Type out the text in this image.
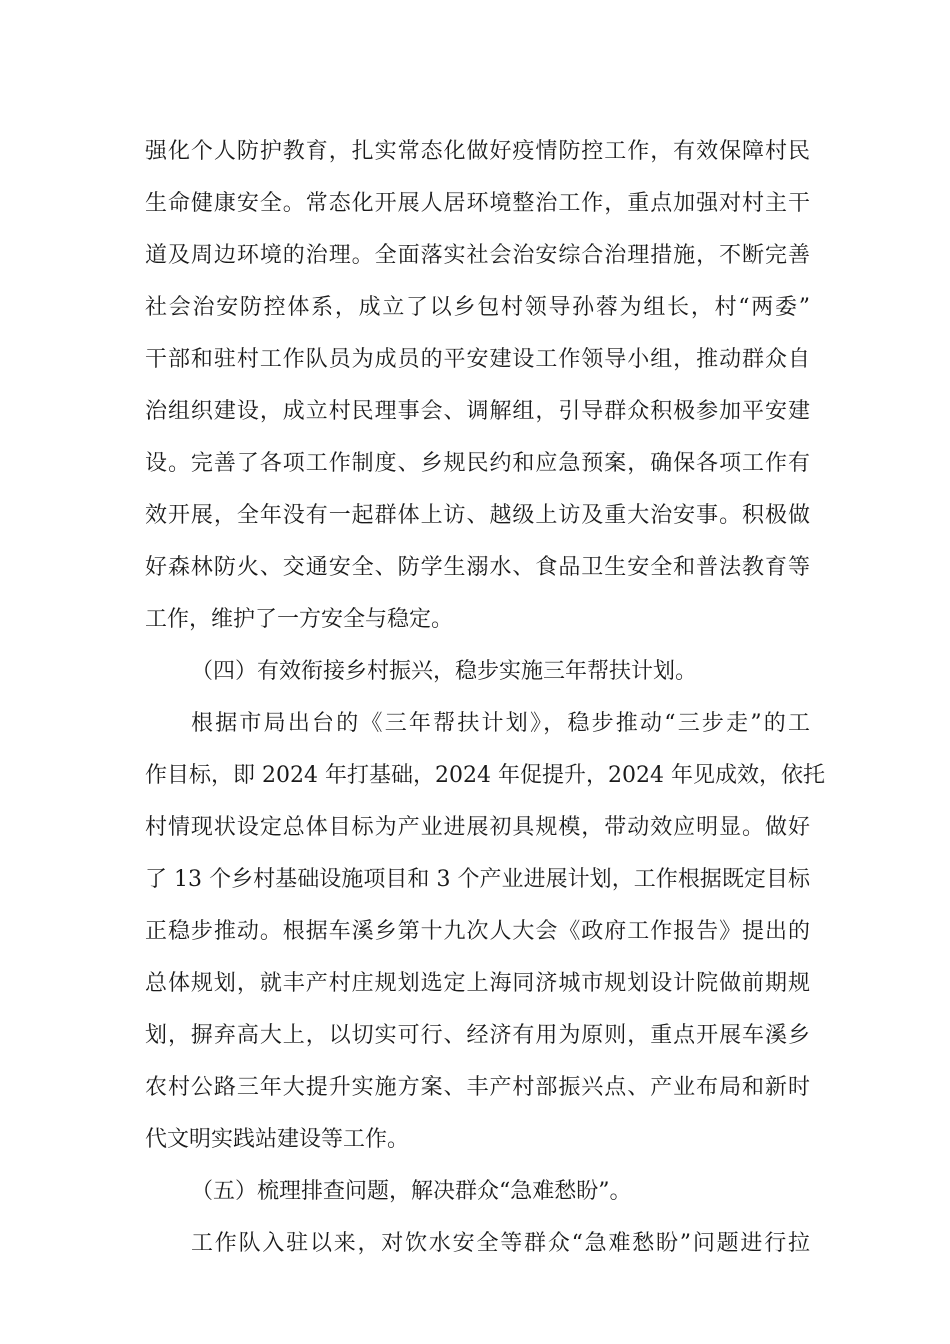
强化个人防护教育，扎实常态化做好疫情防控工作，有效保障村民
生命健康安全。常态化开展人居环境整治工作，重点加强对村主干
道及周边环境的治理。全面落实社会治安综合治理措施，不断完善
社会治安防控体系，成立了以乡包村领导孙蓉为组长，村“两委”
干部和驻村工作队员为成员的平安建设工作领导小组，推动群众自
治组织建设，成立村民理事会、调解组，引导群众积极参加平安建
设。完善了各项工作制度、乡规民约和应急预案，确保各项工作有
效开展，全年没有一起群体上访、越级上访及重大治安事。积极做
好森林防火、交通安全、防学生溺水、食品卫生安全和普法教育等
工作，维护了一方安全与稳定。
（四）有效衔接乡村振兴，稳步实施三年帮扶计划。
根据市局出台的《三年帮扶计划》，稳步推动“三步走”的工
作目标，即 2024 年打基础，2024 年促提升，2024 年见成效，依托
村情现状设定总体目标为产业进展初具规模，带动效应明显。做好
了 13 个乡村基础设施项目和 3 个产业进展计划，工作根据既定目标
正稳步推动。根据车溪乡第十九次人大会《政府工作报告》提出的
总体规划，就丰产村庄规划选定上海同济城市规划设计院做前期规
划，摒弃高大上，以切实可行、经济有用为原则，重点开展车溪乡
农村公路三年大提升实施方案、丰产村部振兴点、产业布局和新时
代文明实践站建设等工作。
（五）梳理排查问题，解决群众“急难愁盼”。
工作队入驻以来，对饮水安全等群众“急难愁盼”问题进行拉
